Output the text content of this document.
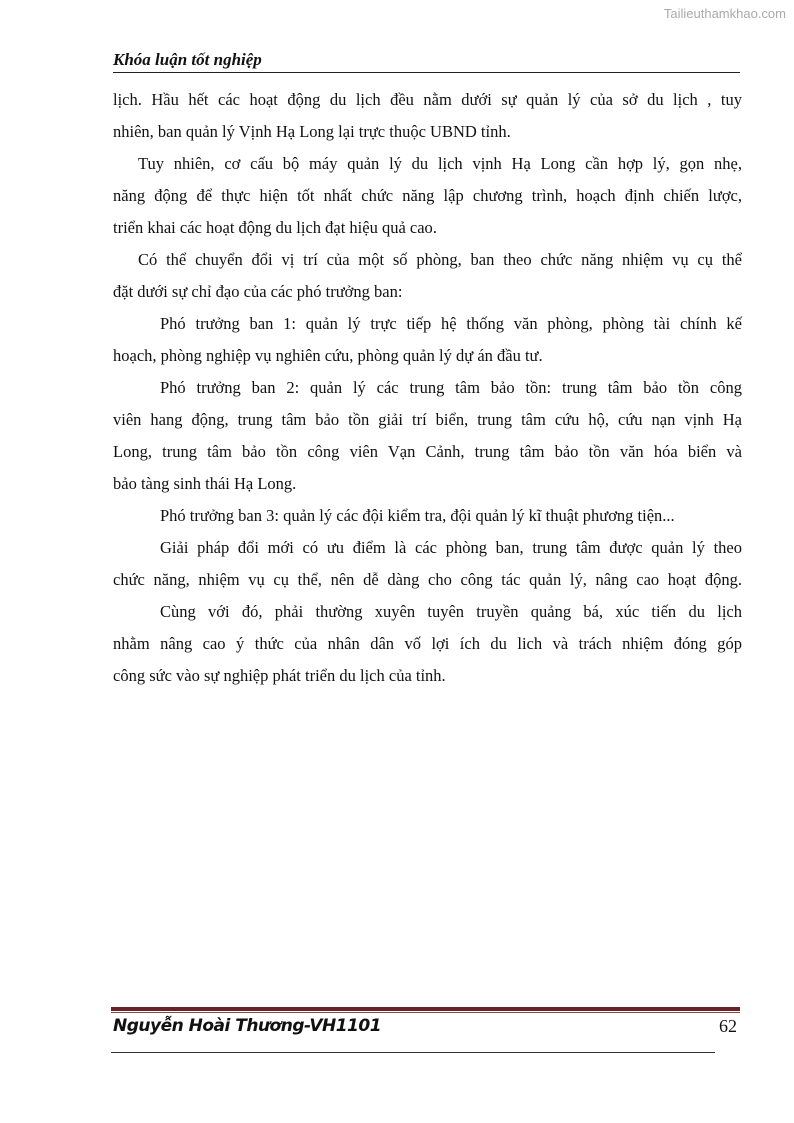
Tailieuthamkhao.com
Khóa luận tốt nghiệp
lịch. Hầu hết các hoạt động du lịch đều nằm dưới sự quản lý của sở du lịch , tuy
nhiên, ban quản lý Vịnh Hạ Long lại trực thuộc UBND tỉnh.
Tuy nhiên, cơ cấu bộ máy quản lý du lịch vịnh Hạ Long cần hợp lý, gọn nhẹ,
năng động để thực hiện tốt nhất chức năng lập chương trình, hoạch định chiến lược,
triển khai các hoạt động du lịch đạt hiệu quả cao.
Có thể chuyển đổi vị trí của một số phòng, ban theo chức năng nhiệm vụ cụ thể
đặt dưới sự chỉ đạo của các phó trưởng ban:
Phó trưởng ban 1: quản lý trực tiếp hệ thống văn phòng, phòng tài chính kế
hoạch, phòng nghiệp vụ nghiên cứu, phòng quản lý dự án đầu tư.
Phó trưởng ban 2: quản lý các trung tâm bảo tồn: trung tâm bảo tồn công
viên hang động, trung tâm bảo tồn giải trí biển, trung tâm cứu hộ, cứu nạn vịnh Hạ
Long, trung tâm bảo tồn công viên Vạn Cảnh, trung tâm bảo tồn văn hóa biển và
bảo tàng sinh thái Hạ Long.
Phó trưởng ban 3: quản lý các đội kiểm tra, đội quản lý kĩ thuật phương tiện...
Giải pháp đổi mới có ưu điểm là các phòng ban, trung tâm được quản lý theo
chức năng, nhiệm vụ cụ thể, nên dễ dàng cho công tác quản lý, nâng cao hoạt động.
Cùng với đó, phải thường xuyên tuyên truyền quảng bá, xúc tiến du lịch
nhằm nâng cao ý thức của nhân dân vố lợi ích du lich và trách nhiệm đóng góp
công sức vào sự nghiệp phát triển du lịch của tỉnh.
Nguyễn Hoài Thương-VH1101	62
